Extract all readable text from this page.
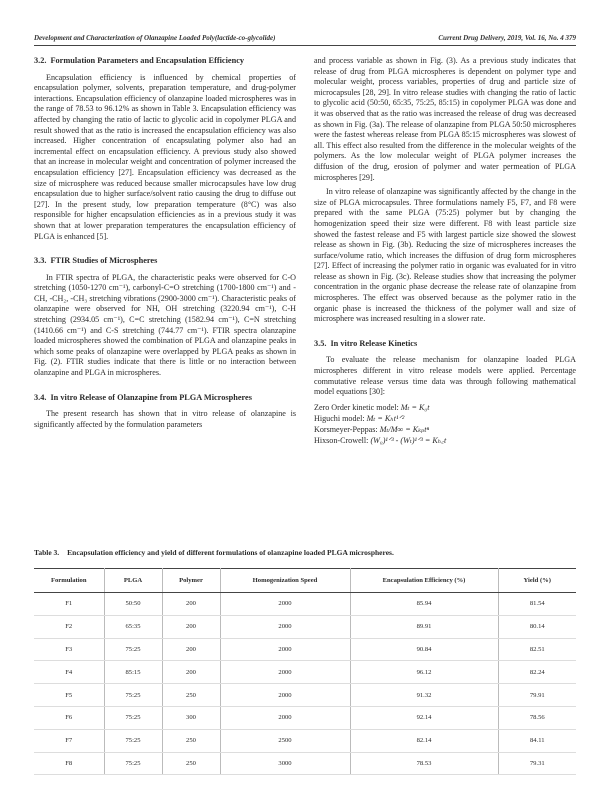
Development and Characterization of Olanzapine Loaded Poly(lactide-co-glycolide)	Current Drug Delivery, 2019, Vol. 16, No. 4 379
3.2. Formulation Parameters and Encapsulation Efficiency

Encapsulation efficiency is influenced by chemical properties of encapsulation polymer, solvents, preparation temperature, and drug-polymer interactions. Encapsulation efficiency of olanzapine loaded microspheres was in the range of 78.53 to 96.12% as shown in Table 3. Encapsulation efficiency was affected by changing the ratio of lactic to glycolic acid in copolymer PLGA and result showed that as the ratio is increased the encapsulation efficiency was also increased. Higher concentration of encapsulating polymer also had an incremental effect on encapsulation efficiency. A previous study also showed that an increase in molecular weight and concentration of polymer increased the encapsulation efficiency [27]. Encapsulation efficiency was decreased as the size of microsphere was reduced because smaller microcapsules have low drug encapsulation due to higher surface/solvent ratio causing the drug to diffuse out [27]. In the present study, low preparation temperature (8°C) was also responsible for higher encapsulation efficiencies as in a previous study it was shown that at lower preparation temperatures the encapsulation efficiency of PLGA is enhanced [5].

3.3. FTIR Studies of Microspheres

In FTIR spectra of PLGA, the characteristic peaks were observed for C-O stretching (1050-1270 cm⁻¹), carbonyl-C=O stretching (1700-1800 cm⁻¹) and -CH, -CH₂, -CH₃ stretching vibrations (2900-3000 cm⁻¹). Characteristic peaks of olanzapine were observed for NH, OH stretching (3220.94 cm⁻¹), C-H stretching (2934.05 cm⁻¹), C=C stretching (1582.94 cm⁻¹), C=N stretching (1410.66 cm⁻¹) and C-S stretching (744.77 cm⁻¹). FTIR spectra olanzapine loaded microspheres showed the combination of PLGA and olanzapine peaks in which some peaks of olanzapine were overlapped by PLGA peaks as shown in Fig. (2). FTIR studies indicate that there is little or no interaction between olanzapine and PLGA in microspheres.

3.4. In vitro Release of Olanzapine from PLGA Microspheres

The present research has shown that in vitro release of olanzapine is significantly affected by the formulation parameters

and process variable as shown in Fig. (3). As a previous study indicates that release of drug from PLGA microspheres is dependent on polymer type and molecular weight, process variables, properties of drug and particle size of microcapsules [28, 29]. In vitro release studies with changing the ratio of lactic to glycolic acid (50:50, 65:35, 75:25, 85:15) in copolymer PLGA was done and it was observed that as the ratio was increased the release of drug was decreased as shown in Fig. (3a). The release of olanzapine from PLGA 50:50 microspheres were the fastest whereas release from PLGA 85:15 microspheres was slowest of all. This effect also resulted from the difference in the molecular weights of the polymers. As the low molecular weight of PLGA polymer increases the diffusion of the drug, erosion of polymer and water permeation of PLGA microspheres [29].

In vitro release of olanzapine was significantly affected by the change in the size of PLGA microcapsules. Three formulations namely F5, F7, and F8 were prepared with the same PLGA (75:25) polymer but by changing the homogenization speed their size were different. F8 with least particle size showed the fastest release and F5 with largest particle size showed the slowest release as shown in Fig. (3b). Reducing the size of microspheres increases the surface/volume ratio, which increases the diffusion of drug form microspheres [27]. Effect of increasing the polymer ratio in organic was evaluated for in vitro release as shown in Fig. (3c). Release studies show that increasing the polymer concentration in the organic phase decrease the release rate of olanzapine from microspheres. The effect was observed because as the polymer ratio in the organic phase is increased the thickness of the polymer wall and size of microsphere was increased resulting in a slower rate.

3.5. In vitro Release Kinetics

To evaluate the release mechanism for olanzapine loaded PLGA microspheres different in vitro release models were applied. Percentage commutative release versus time data was through following mathematical model equations [30]:

Zero Order kinetic model: Mₜ = K₀t
Higuchi model: Mₜ = Kₕt¹ᐟ²
Korsmeyer-Peppas: Mₜ/M∞ = Kₖₚtⁿ
Hixson-Crowell: (W₀)¹ᐟ³ - (Wₜ)¹ᐟ³ = Kₕ꜀t
Table 3. Encapsulation efficiency and yield of different formulations of olanzapine loaded PLGA microspheres.
Formulation	PLGA	Polymer	Homogenization Speed	Encapsulation Efficiency (%)	Yield (%)
F1	50:50	200	2000	85.94	81.54
F2	65:35	200	2000	89.91	80.14
F3	75:25	200	2000	90.84	82.51
F4	85:15	200	2000	96.12	82.24
F5	75:25	250	2000	91.32	79.91
F6	75:25	300	2000	92.14	78.56
F7	75:25	250	2500	82.14	84.11
F8	75:25	250	3000	78.53	79.31
